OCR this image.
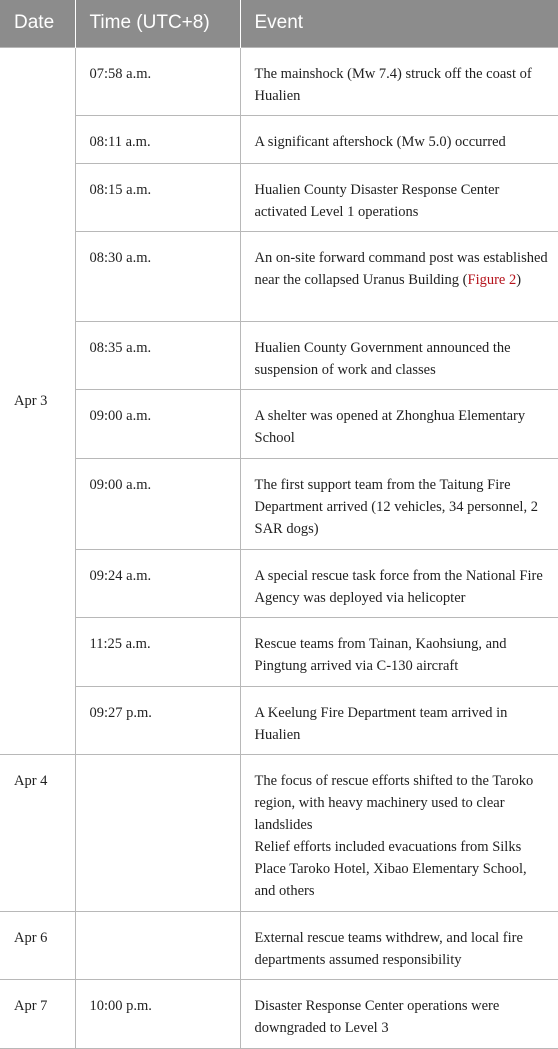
Date	Time (UTC+8)	Event
Apr 3	07:58 a.m.	The mainshock (Mw 7.4) struck off the coast of Hualien
	08:11 a.m.	A significant aftershock (Mw 5.0) occurred
	08:15 a.m.	Hualien County Disaster Response Center activated Level 1 operations
	08:30 a.m.	An on-site forward command post was established near the collapsed Uranus Building (Figure 2)
	08:35 a.m.	Hualien County Government announced the suspension of work and classes
	09:00 a.m.	A shelter was opened at Zhonghua Elementary School
	09:00 a.m.	The first support team from the Taitung Fire Department arrived (12 vehicles, 34 personnel, 2 SAR dogs)
	09:24 a.m.	A special rescue task force from the National Fire Agency was deployed via helicopter
	11:25 a.m.	Rescue teams from Tainan, Kaohsiung, and Pingtung arrived via C-130 aircraft
	09:27 p.m.	A Keelung Fire Department team arrived in Hualien
Apr 4		The focus of rescue efforts shifted to the Taroko region, with heavy machinery used to clear landslides
Relief efforts included evacuations from Silks Place Taroko Hotel, Xibao Elementary School, and others

Apr 6		External rescue teams withdrew, and local fire departments assumed responsibility
Apr 7	10:00 p.m.	Disaster Response Center operations were downgraded to Level 3
